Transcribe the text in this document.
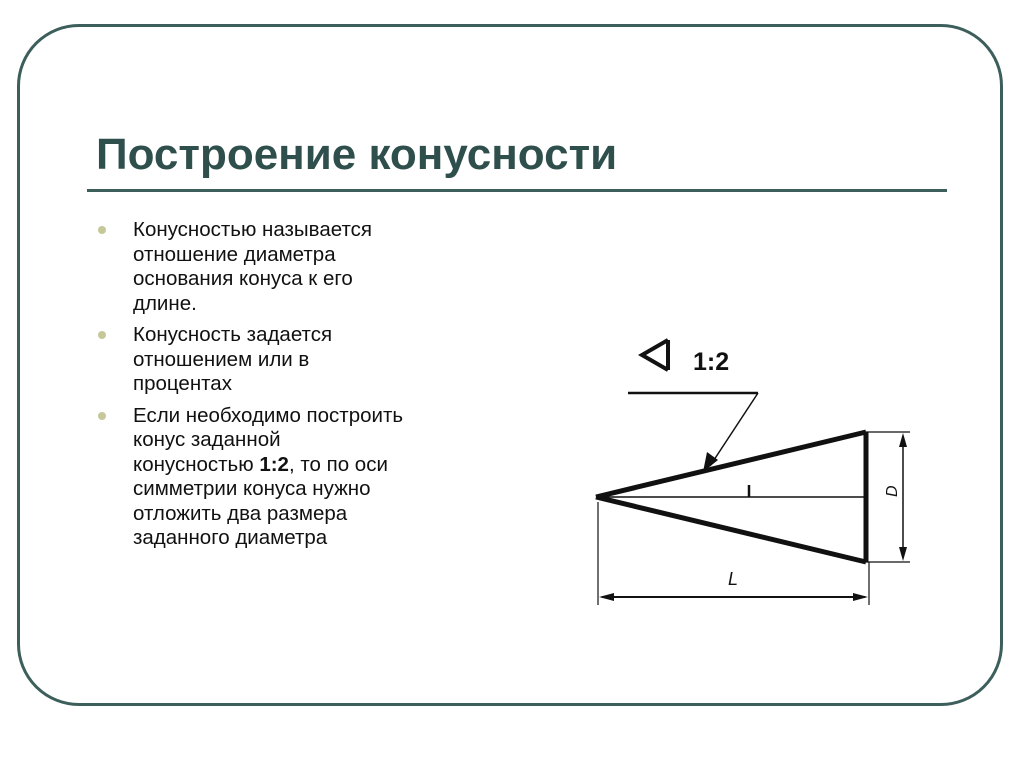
Построение конусности
Конусностью называется отношение диаметра основания конуса к его длине.
Конусность задается отношением или в процентах
Если необходимо построить конус заданной конусностью 1:2, то по оси симметрии конуса нужно отложить два размера заданного диаметра
1:2
D
L
